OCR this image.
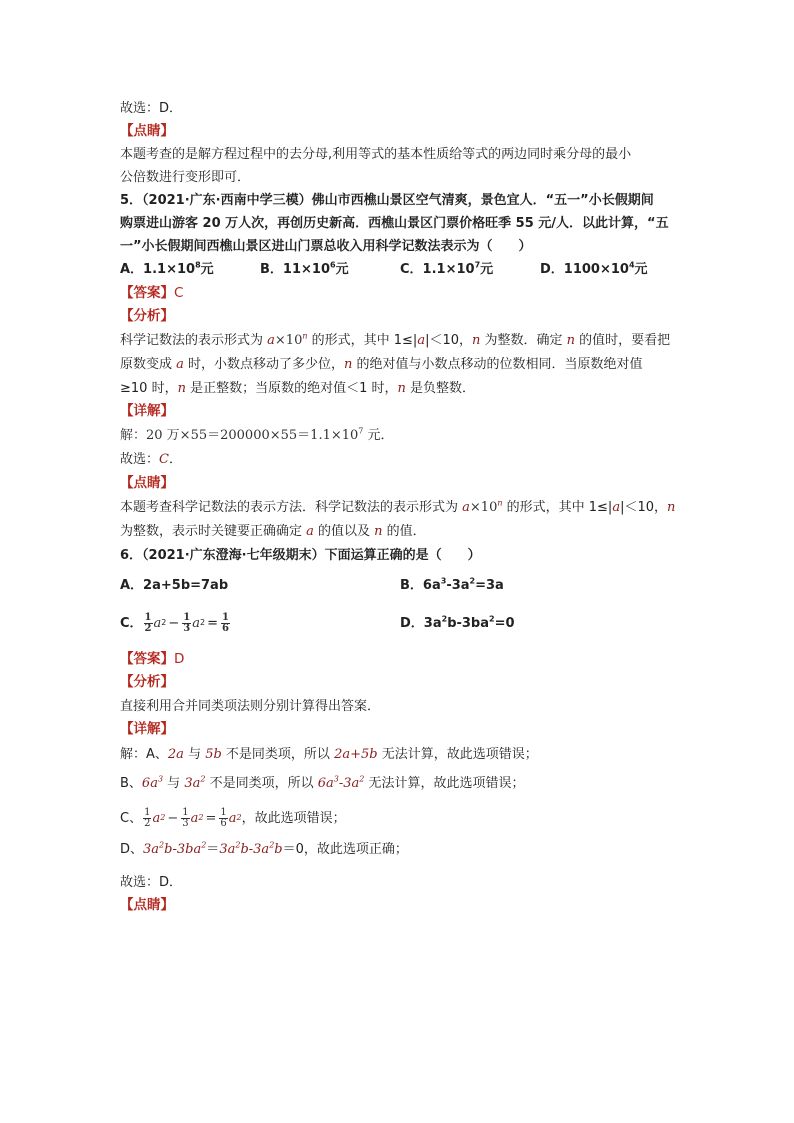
故选：D．
【点睛】
本题考查的是解方程过程中的去分母,利用等式的基本性质给等式的两边同时乘分母的最小
公倍数进行变形即可．
5．（2021·广东·西南中学三模）佛山市西樵山景区空气清爽，景色宜人．“五一”小长假期间
购票进山游客 20 万人次，再创历史新高．西樵山景区门票价格旺季 55 元/人．以此计算，“五
一”小长假期间西樵山景区进山门票总收入用科学记数法表示为（　　）
A．$1.1\times 10^8$元	B．$11\times 10^6$元	C．$1.1\times 10^7$元	D．$1100\times 10^4$元
【答案】C
【分析】
科学记数法的表示形式为 $a\times 10^n$ 的形式，其中 1≤|a|＜10，n 为整数．确定 n 的值时，要看把
原数变成 a 时，小数点移动了多少位，n 的绝对值与小数点移动的位数相同．当原数绝对值
≥10 时，n 是正整数；当原数的绝对值＜1 时，n 是负整数．
【详解】
解：20 万$\times 55=200000\times 55=1.1\times 10^7$ 元．
故选：C．
【点睛】
本题考查科学记数法的表示方法．科学记数法的表示形式为 $a\times 10^n$ 的形式，其中 1≤|a|＜10，n
为整数，表示时关键要正确确定 a 的值以及 n 的值．
6．（2021·广东澄海·七年级期末）下面运算正确的是（　　）
A．2a+5b=7ab	B．$6a^3-3a^2=3a$
C． $\frac{1}{2}$ a $2 - \frac{1}{3}$ a $2 = \frac{1}{6}$	D．$3a^2b-3ba^2=0$
【答案】D
【分析】
直接利用合并同类项法则分别计算得出答案．
【详解】
解：A、2a 与 5b 不是同类项，所以 2a+5b 无法计算，故此选项错误；
B、$6a^3$ 与 $3a^2$ 不是同类项，所以 $6a^3-3a^2$ 无法计算，故此选项错误；
C、 $\frac{1}{2}$ a $2 - \frac{1}{3}$ a $2 = \frac{1}{6}$ a 2 ，故此选项错误；
D、$3a^2b-3ba^2=3a^2b-3a^2b=0$，故此选项正确；
故选：D．
【点睛】
